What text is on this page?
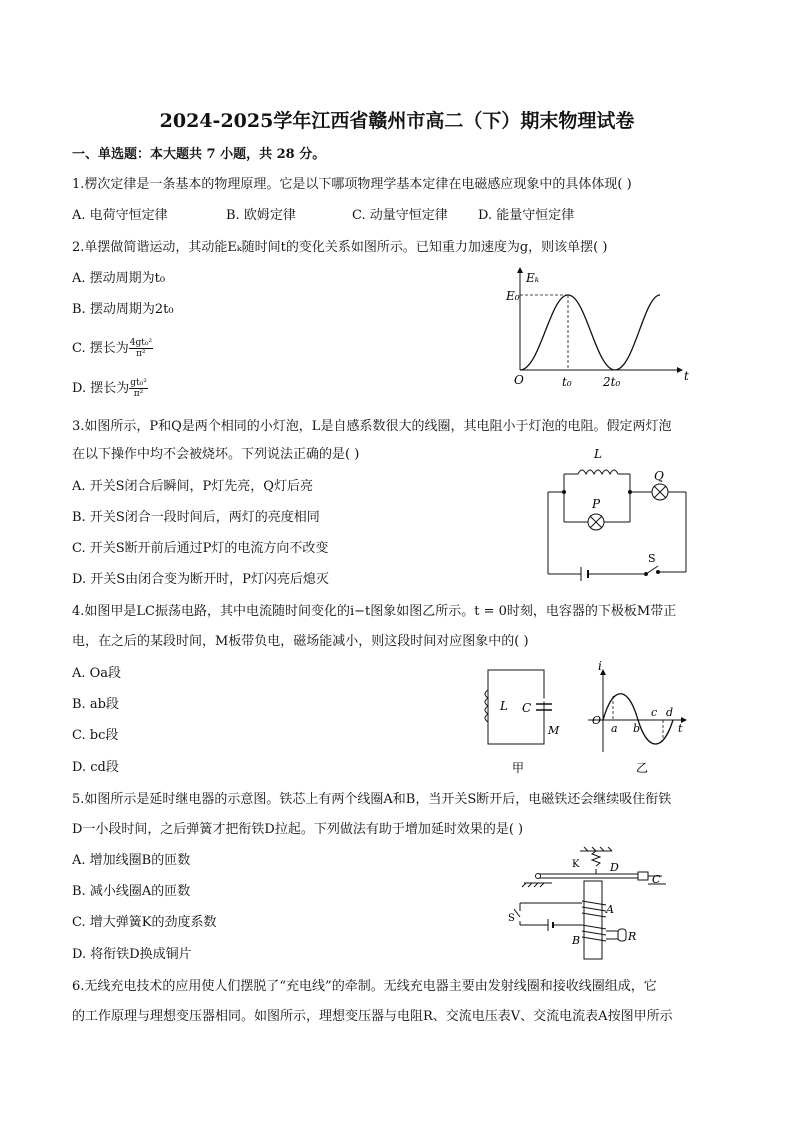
2024-2025学年江西省赣州市高二（下）期末物理试卷
一、单选题：本大题共 7 小题，共 28 分。
1.楞次定律是一条基本的物理原理。它是以下哪项物理学基本定律在电磁感应现象中的具体体现( )
A. 电荷守恒定律	B. 欧姆定律	C. 动量守恒定律 D. 能量守恒定律
2.单摆做简谐运动，其动能Eₖ随时间t的变化关系如图所示。已知重力加速度为g，则该单摆( )
A. 摆动周期为t₀
B. 摆动周期为2t₀
C. 摆长为 $\frac{\text{4gt₀²}}{\text{π²}}$
D. 摆长为 $\frac{\text{gt₀²}}{\text{π²}}$
Eₖ
E₀
O	t₀	2t₀	t
3.如图所示，P和Q是两个相同的小灯泡，L是自感系数很大的线圈，其电阻小于灯泡的电阻。假定两灯泡
在以下操作中均不会被烧坏。下列说法正确的是( )
A. 开关S闭合后瞬间，P灯先亮，Q灯后亮
B. 开关S闭合一段时间后，两灯的亮度相同
C. 开关S断开前后通过P灯的电流方向不改变
D. 开关S由闭合变为断开时，P灯闪亮后熄灭
L
P
Q
S
4.如图甲是LC振荡电路，其中电流随时间变化的i−t图象如图乙所示。t = 0时刻，电容器的下极板M带正
电，在之后的某段时间，M板带负电，磁场能减小，则这段时间对应图象中的( )
A. Oa段
B. ab段
C. bc段
D. cd段
L C
M
i
O
a b
c d
t
甲	乙
5.如图所示是延时继电器的示意图。铁芯上有两个线圈A和B，当开关S断开后，电磁铁还会继续吸住衔铁
D一小段时间，之后弹簧才把衔铁D拉起。下列做法有助于增加延时效果的是( )
A. 增加线圈B的匝数
B. 减小线圈A的匝数
C. 增大弹簧K的劲度系数
D. 将衔铁D换成铜片
K	D
C
S
A
B	R
6.无线充电技术的应用使人们摆脱了“充电线”的牵制。无线充电器主要由发射线圈和接收线圈组成，它
的工作原理与理想变压器相同。如图所示，理想变压器与电阻R、交流电压表V、交流电流表A按图甲所示
